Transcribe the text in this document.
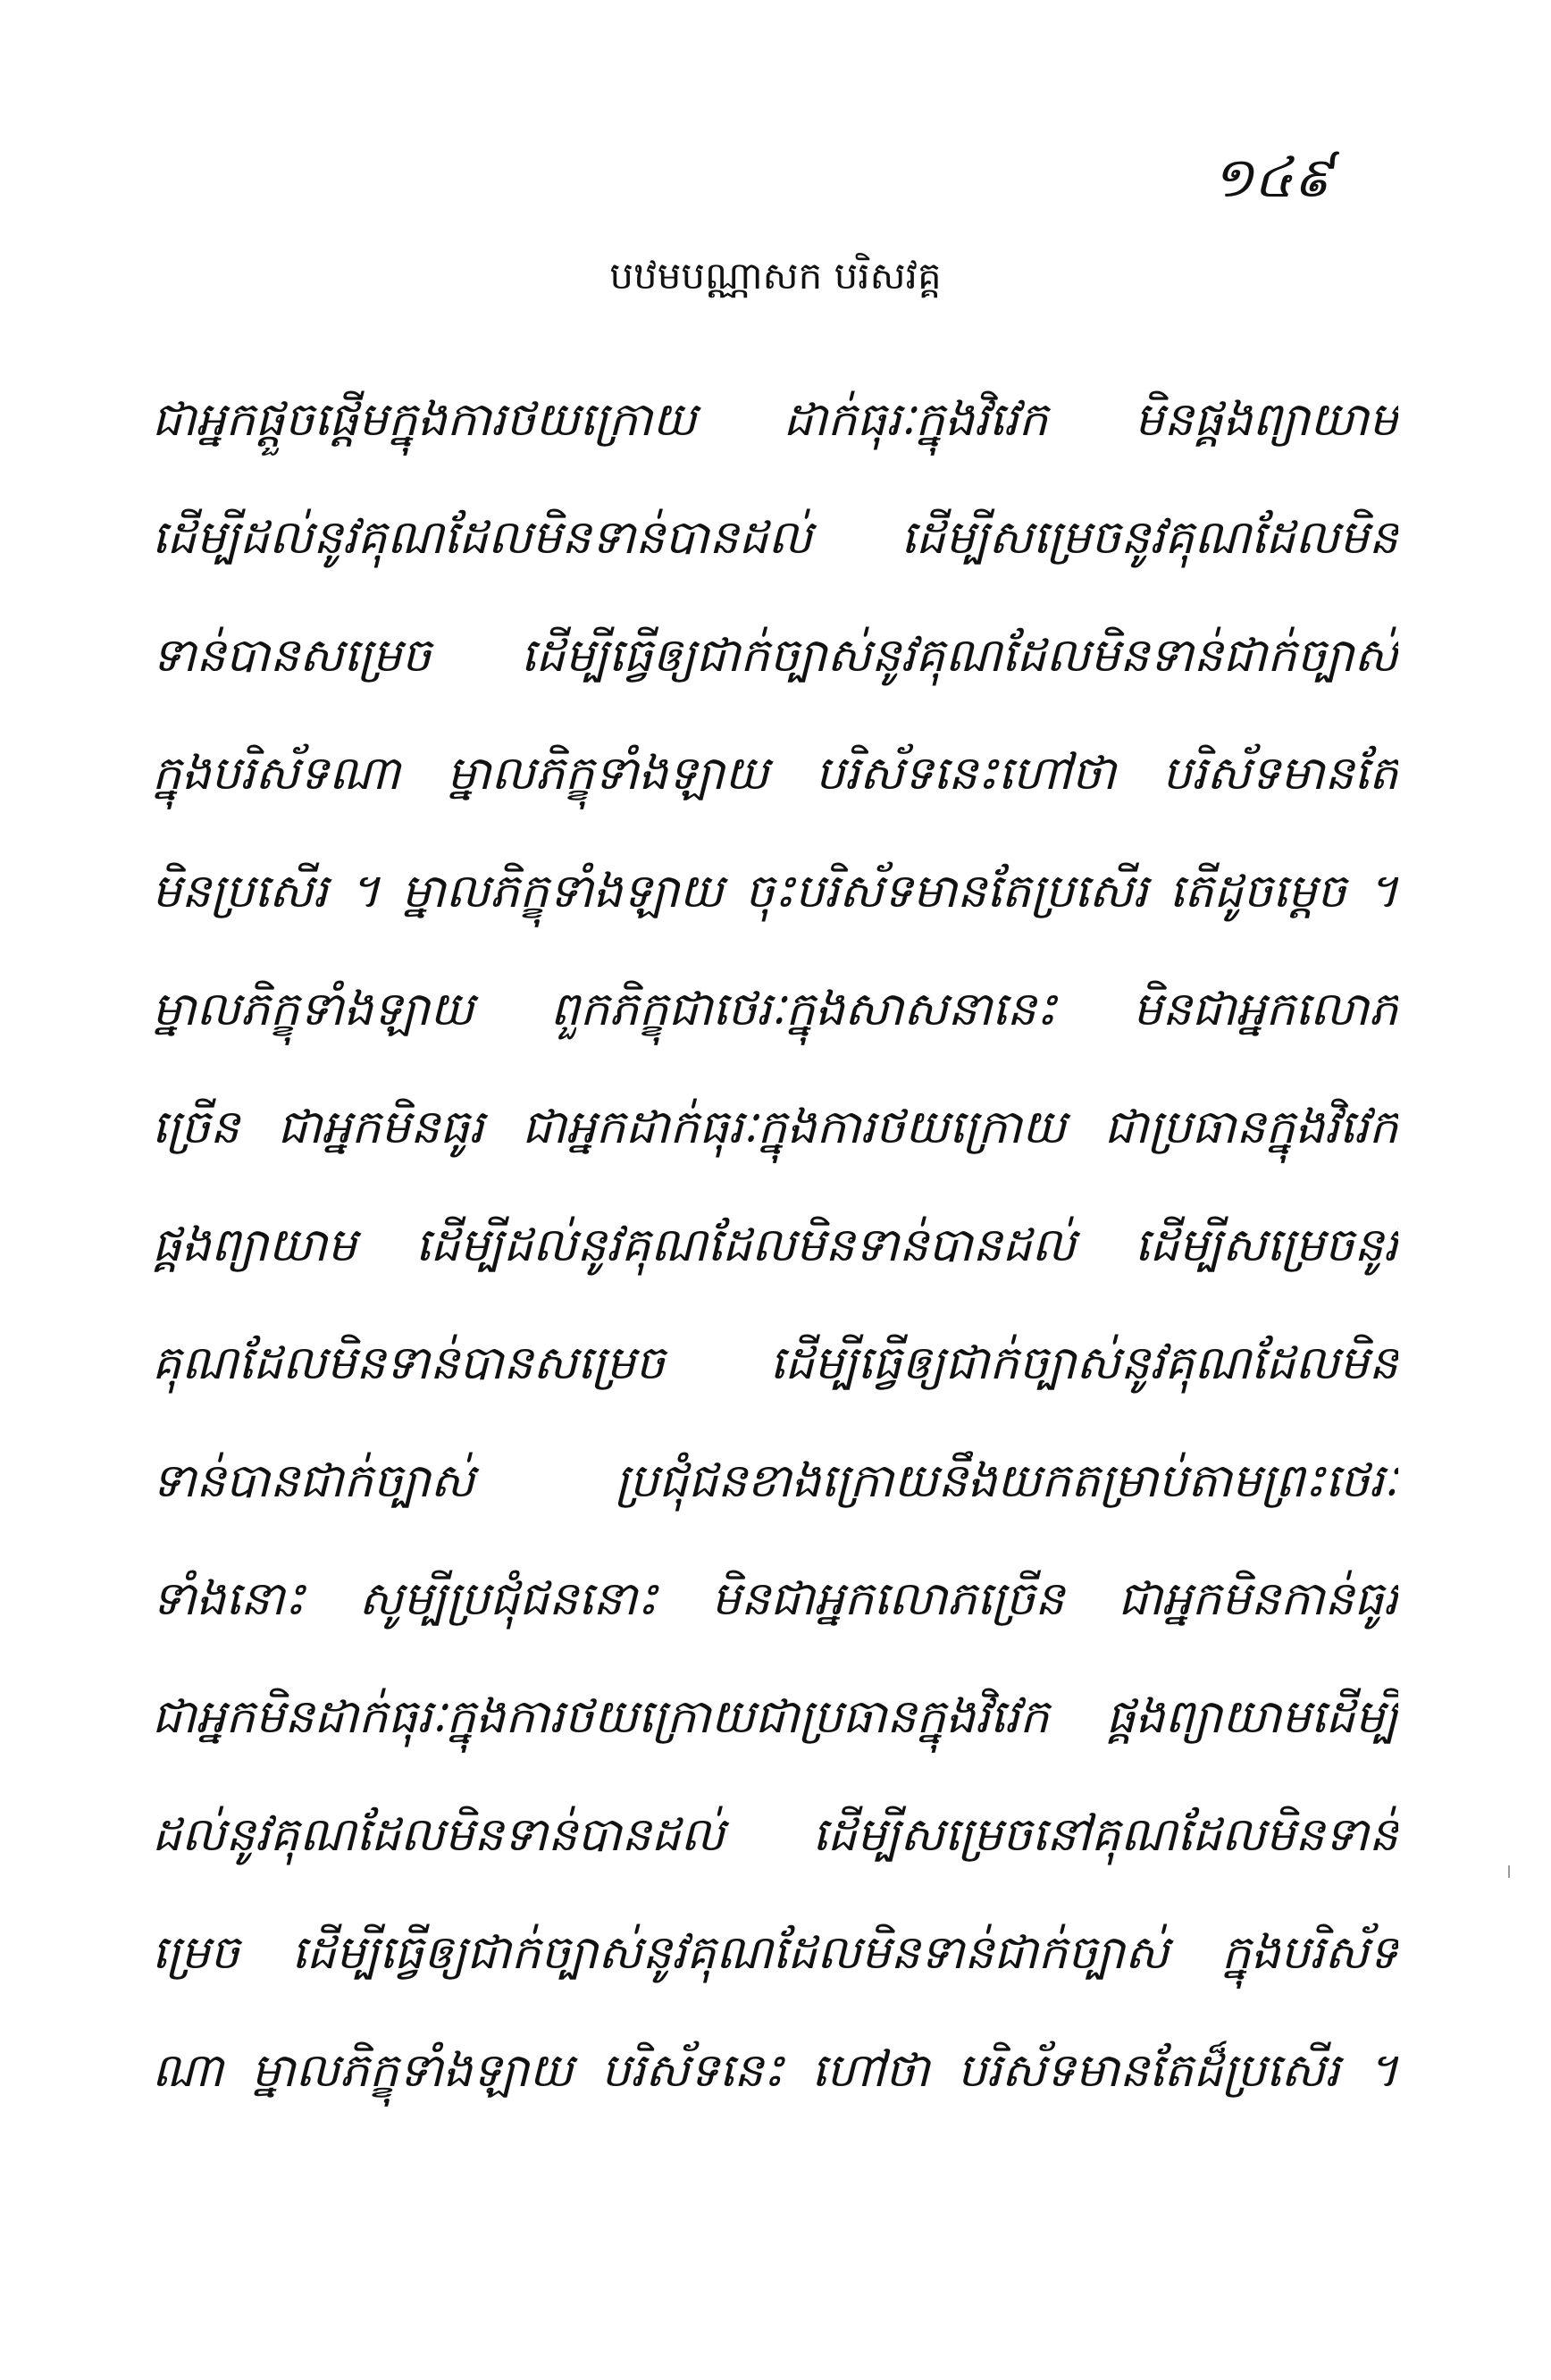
១៤៩
បឋមបណ្ណាសក បរិសវគ្គ
ជាអ្នកផ្តួចផ្តើមក្នុងការថយក្រោយ ដាក់ធុរៈក្នុងវិវេក មិនផ្គងព្យាយាម
ដើម្បីដល់នូវគុណដែលមិនទាន់បានដល់ ដើម្បីសម្រេចនូវគុណដែលមិន
ទាន់បានសម្រេច ដើម្បីធ្វើឲ្យជាក់ច្បាស់នូវគុណដែលមិនទាន់ជាក់ច្បាស់
ក្នុងបរិស័ទណា ម្នាលភិក្ខុទាំងឡាយ បរិស័ទនេះហៅថា បរិស័ទមានតែ
មិនប្រសើរ ។ ម្នាលភិក្ខុទាំងឡាយ ចុះបរិស័ទមានតែប្រសើរ តើដូចម្តេច ។
ម្នាលភិក្ខុទាំងឡាយ ពួកភិក្ខុជាថេរៈក្នុងសាសនានេះ មិនជាអ្នកលោភ
ច្រើន ជាអ្នកមិនធូរ ជាអ្នកដាក់ធុរៈក្នុងការថយក្រោយ ជាប្រធានក្នុងវិវេក
ផ្គងព្យាយាម ដើម្បីដល់នូវគុណដែលមិនទាន់បានដល់ ដើម្បីសម្រេចនូវ
គុណដែលមិនទាន់បានសម្រេច ដើម្បីធ្វើឲ្យជាក់ច្បាស់នូវគុណដែលមិន
ទាន់បានជាក់ច្បាស់ ប្រជុំជនខាងក្រោយនឹងយកតម្រាប់តាមព្រះថេរៈ
ទាំងនោះ សូម្បីប្រជុំជននោះ មិនជាអ្នកលោភច្រើន ជាអ្នកមិនកាន់ធូរ
ជាអ្នកមិនដាក់ធុរៈក្នុងការថយក្រោយជាប្រធានក្នុងវិវេក ផ្គងព្យាយាមដើម្បី
ដល់នូវគុណដែលមិនទាន់បានដល់ ដើម្បីសម្រេចនៅគុណដែលមិនទាន់
ម្រេច ដើម្បីធ្វើឲ្យជាក់ច្បាស់នូវគុណដែលមិនទាន់ជាក់ច្បាស់ ក្នុងបរិស័ទ
ណា ម្នាលភិក្ខុទាំងឡាយ បរិស័ទនេះ ហៅថា បរិស័ទមានតែដ៏ប្រសើរ ។
